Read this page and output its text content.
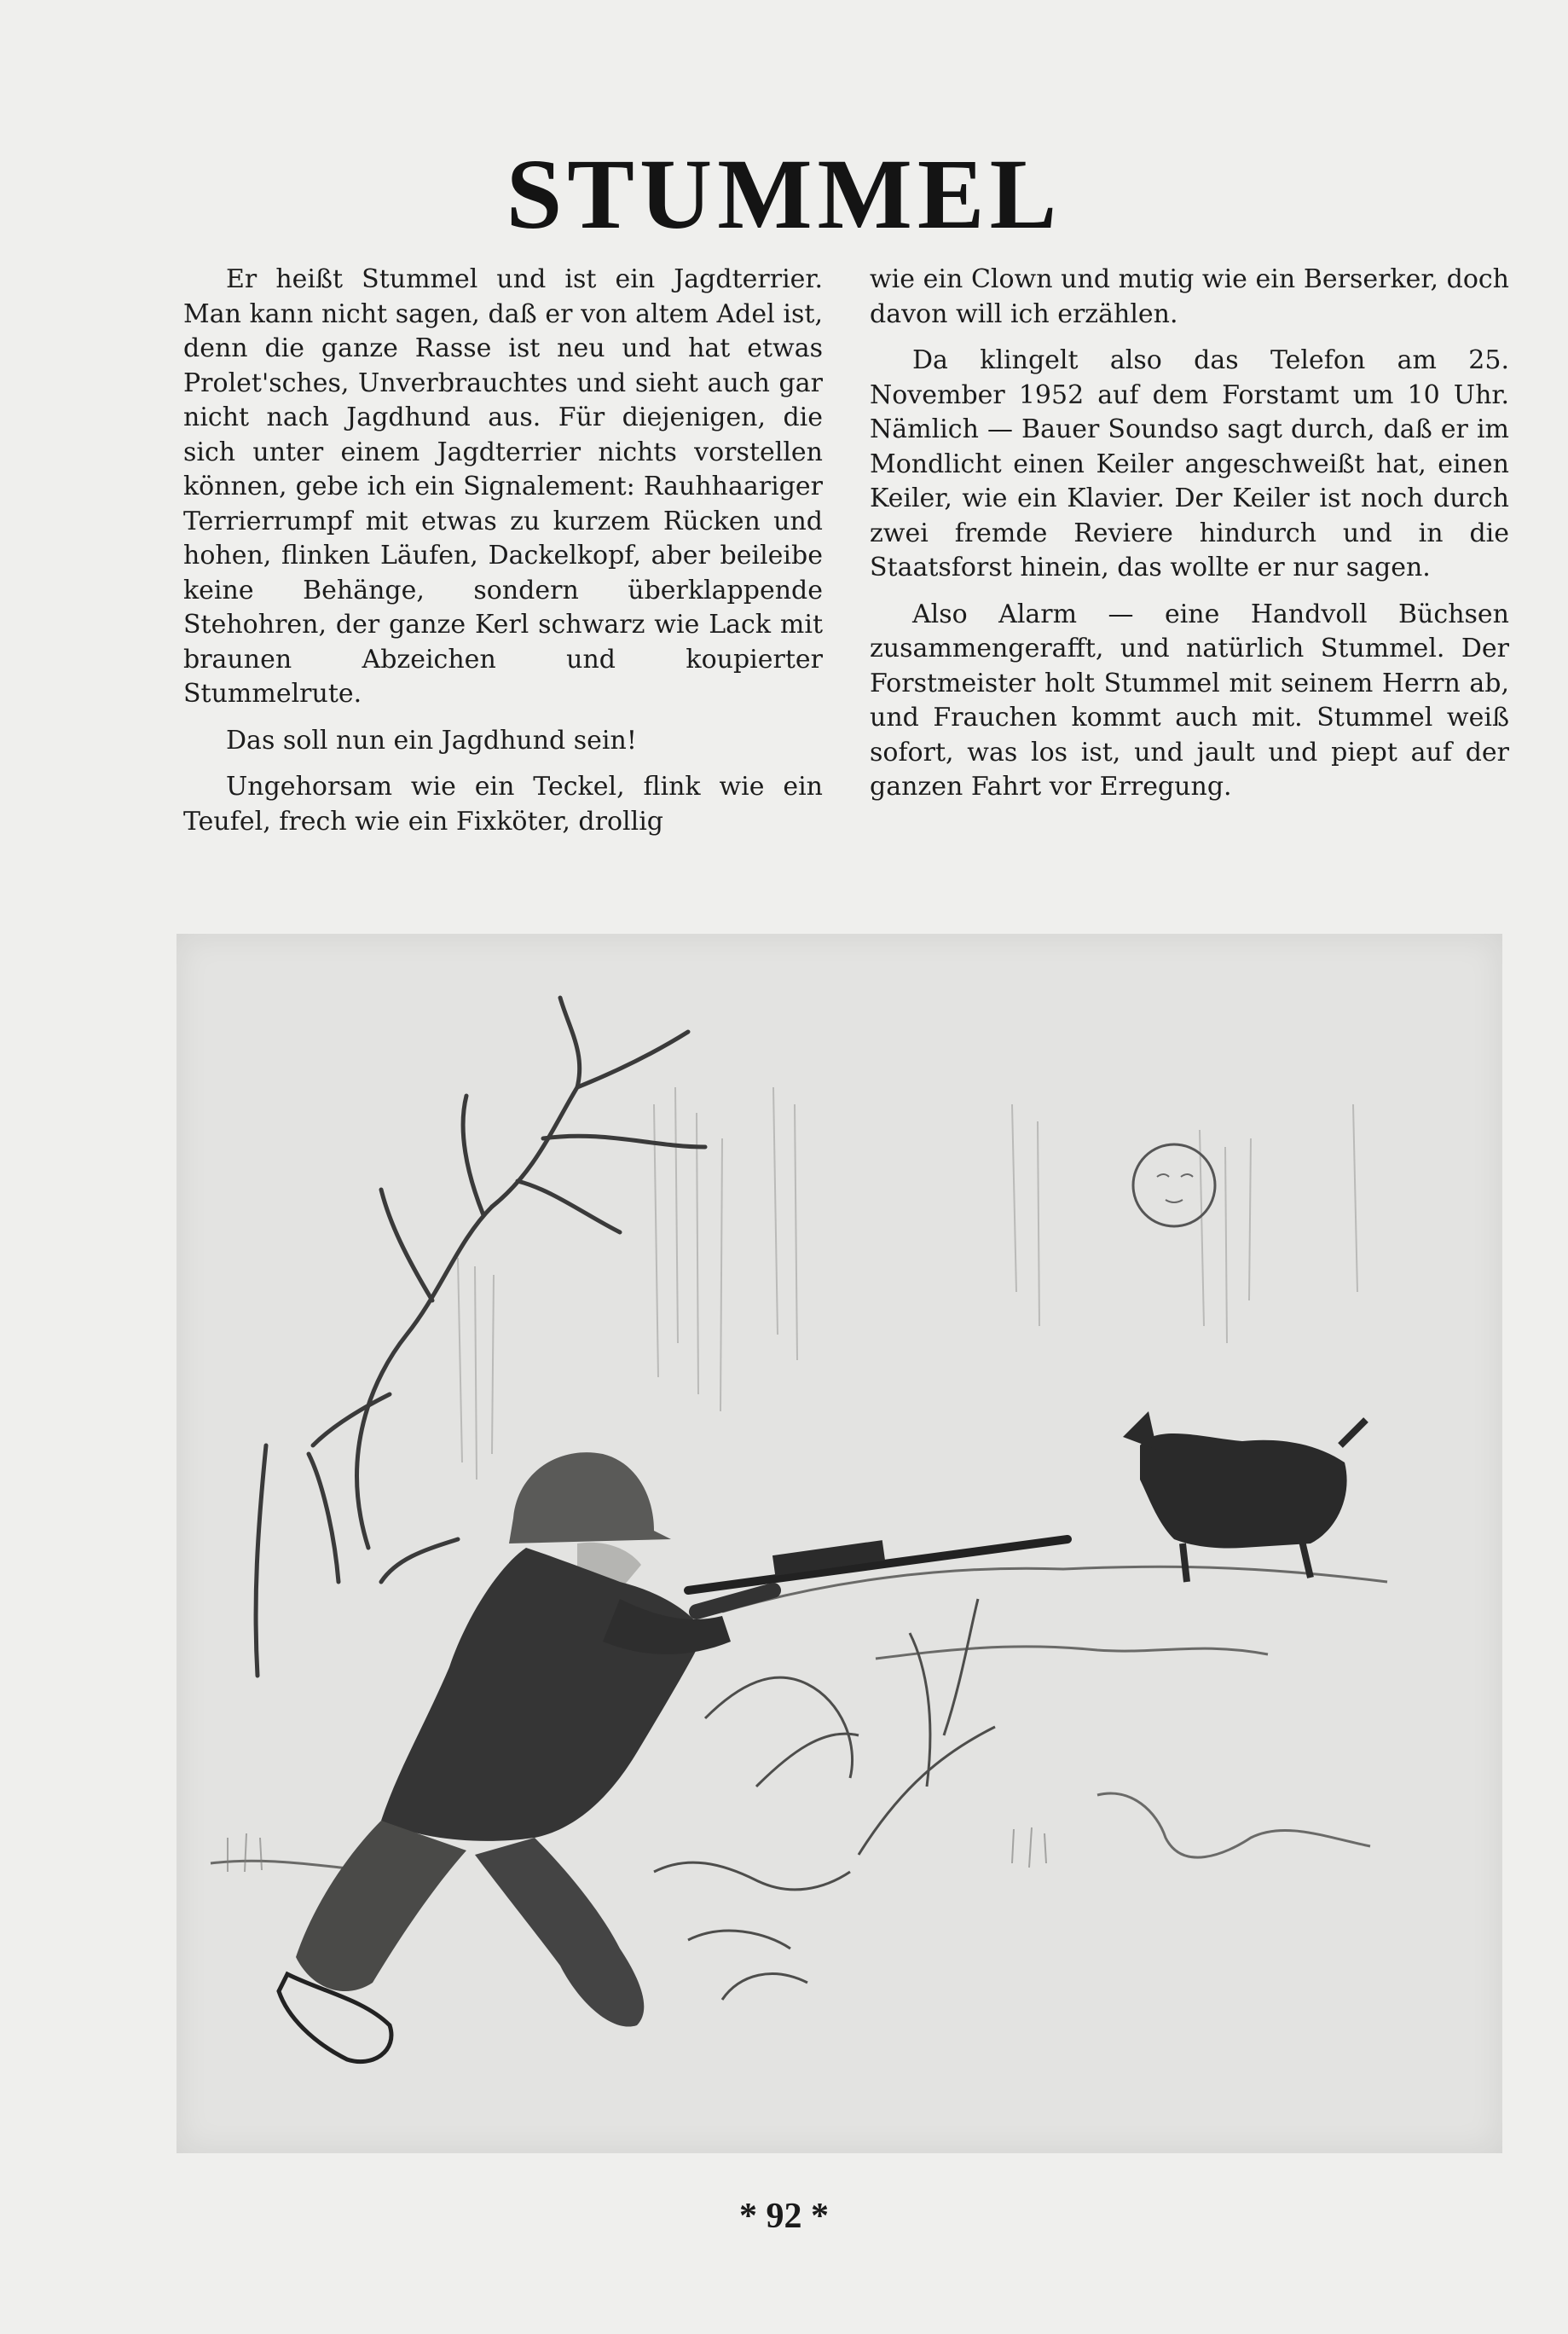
STUMMEL

Er heißt Stummel und ist ein Jagdterrier. Man kann nicht sagen, daß er von altem Adel ist, denn die ganze Rasse ist neu und hat etwas Prolet'sches, Unverbrauchtes und sieht auch gar nicht nach Jagdhund aus. Für diejenigen, die sich unter einem Jagdterrier nichts vorstellen können, gebe ich ein Signalement: Rauhhaariger Terrierrumpf mit etwas zu kurzem Rücken und hohen, flinken Läufen, Dackelkopf, aber beileibe keine Behänge, sondern überklappende Stehohren, der ganze Kerl schwarz wie Lack mit braunen Abzeichen und koupierter Stummelrute.

Das soll nun ein Jagdhund sein!

Ungehorsam wie ein Teckel, flink wie ein Teufel, frech wie ein Fixköter, drollig

wie ein Clown und mutig wie ein Berserker, doch davon will ich erzählen.

Da klingelt also das Telefon am 25. November 1952 auf dem Forstamt um 10 Uhr. Nämlich — Bauer Soundso sagt durch, daß er im Mondlicht einen Keiler angeschweißt hat, einen Keiler, wie ein Klavier. Der Keiler ist noch durch zwei fremde Reviere hindurch und in die Staatsforst hinein, das wollte er nur sagen.

Also Alarm — eine Handvoll Büchsen zusammengerafft, und natürlich Stummel. Der Forstmeister holt Stummel mit seinem Herrn ab, und Frauchen kommt auch mit. Stummel weiß sofort, was los ist, und jault und piept auf der ganzen Fahrt vor Erregung.

* 92 *
